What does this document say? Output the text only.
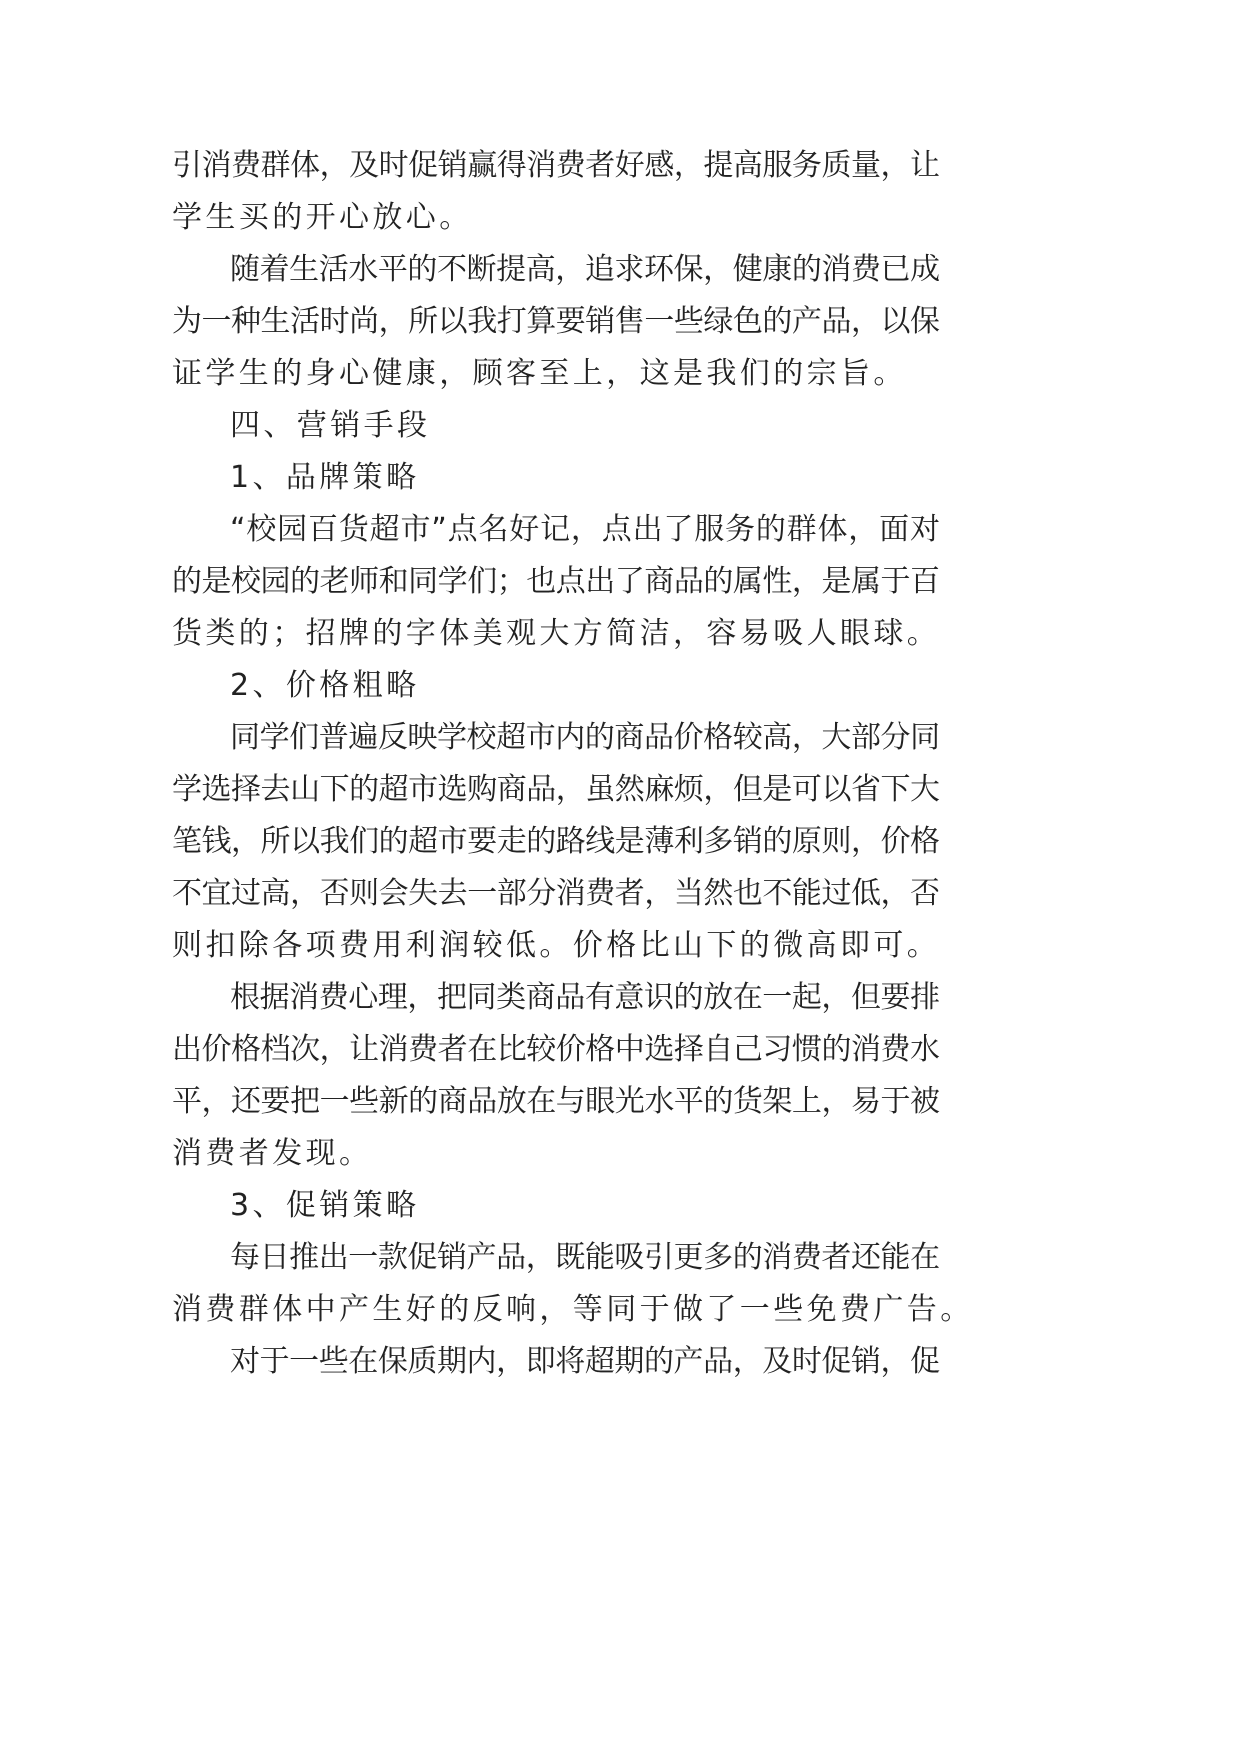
引消费群体，及时促销赢得消费者好感，提高服务质量，让
学生买的开心放心。
随着生活水平的不断提高，追求环保，健康的消费已成
为一种生活时尚，所以我打算要销售一些绿色的产品，以保
证学生的身心健康，顾客至上，这是我们的宗旨。
四、营销手段
1、品牌策略
“校园百货超市”点名好记，点出了服务的群体，面对
的是校园的老师和同学们；也点出了商品的属性，是属于百
货类的；招牌的字体美观大方简洁，容易吸人眼球。
2、价格粗略
同学们普遍反映学校超市内的商品价格较高，大部分同
学选择去山下的超市选购商品，虽然麻烦，但是可以省下大
笔钱，所以我们的超市要走的路线是薄利多销的原则，价格
不宜过高，否则会失去一部分消费者，当然也不能过低，否
则扣除各项费用利润较低。价格比山下的微高即可。
根据消费心理，把同类商品有意识的放在一起，但要排
出价格档次，让消费者在比较价格中选择自己习惯的消费水
平，还要把一些新的商品放在与眼光水平的货架上，易于被
消费者发现。
3、促销策略
每日推出一款促销产品，既能吸引更多的消费者还能在
消费群体中产生好的反响，等同于做了一些免费广告。
对于一些在保质期内，即将超期的产品，及时促销，促
